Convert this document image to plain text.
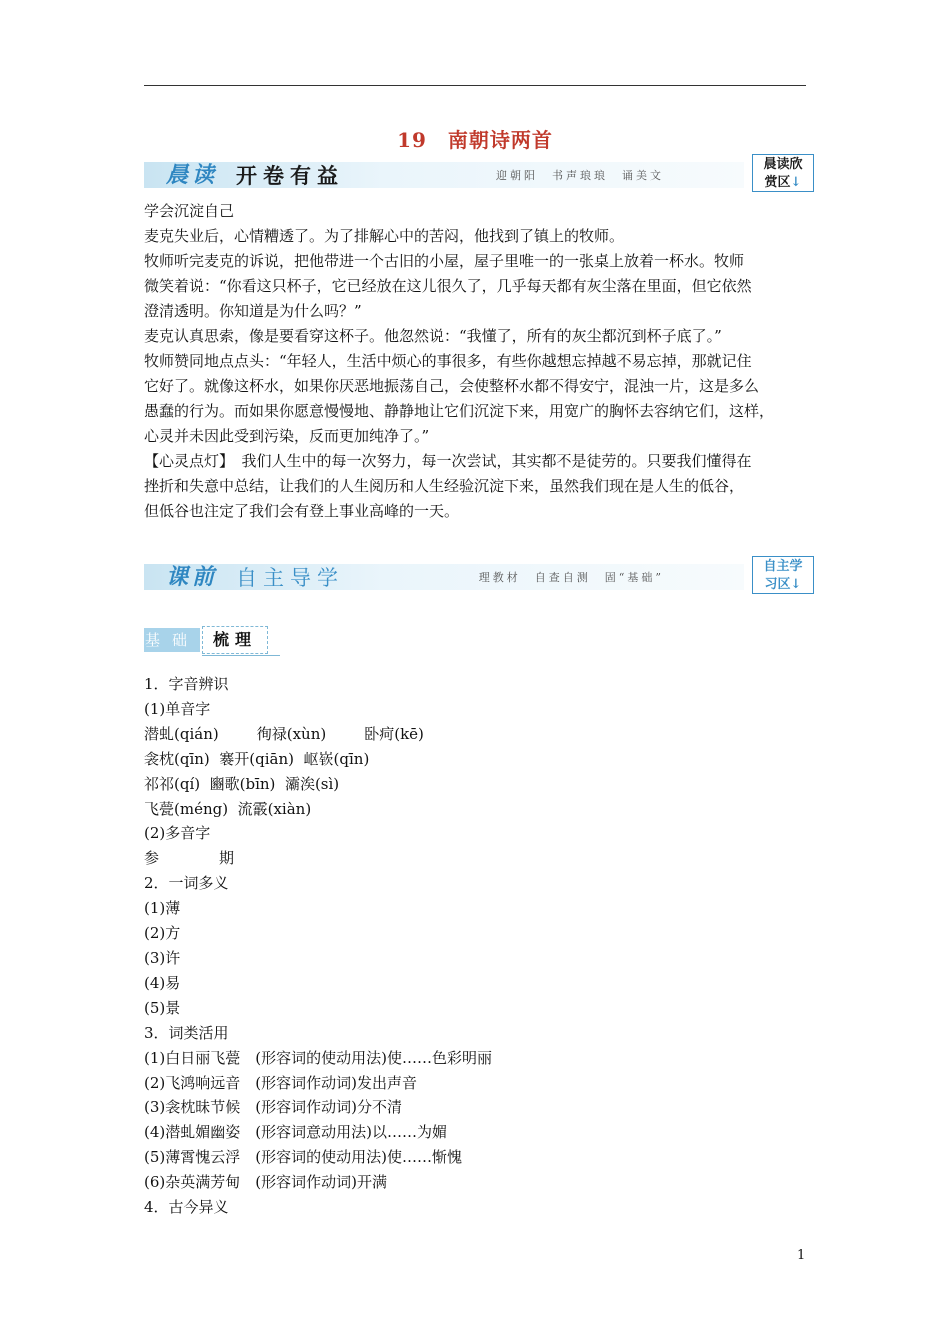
19　南朝诗两首
晨读 开卷有益	迎朝阳　书声琅琅　诵美文
晨读欣
赏区↓

学会沉淀自己

麦克失业后，心情糟透了。为了排解心中的苦闷，他找到了镇上的牧师。

牧师听完麦克的诉说，把他带进一个古旧的小屋，屋子里唯一的一张桌上放着一杯水。牧师

微笑着说：“你看这只杯子，它已经放在这儿很久了，几乎每天都有灰尘落在里面，但它依然

澄清透明。你知道是为什么吗？”

麦克认真思索，像是要看穿这杯子。他忽然说：“我懂了，所有的灰尘都沉到杯子底了。”

牧师赞同地点点头：“年轻人，生活中烦心的事很多，有些你越想忘掉越不易忘掉，那就记住

它好了。就像这杯水，如果你厌恶地振荡自己，会使整杯水都不得安宁，混浊一片，这是多么

愚蠢的行为。而如果你愿意慢慢地、静静地让它们沉淀下来，用宽广的胸怀去容纳它们，这样，

心灵并未因此受到污染，反而更加纯净了。”

【心灵点灯】　我们人生中的每一次努力，每一次尝试，其实都不是徒劳的。只要我们懂得在

挫折和失意中总结，让我们的人生阅历和人生经验沉淀下来，虽然我们现在是人生的低谷，

但低谷也注定了我们会有登上事业高峰的一天。

课前 自主导学	理教材　自查自测　固“基础”
自主学
习区↓
基础 梳理

1．字音辨识

(1)单音字

潜虬(qián)	徇禄(xùn)	卧疴(kē)

衾枕(qīn)  褰开(qiān)  岖嵚(qīn)

祁祁(qí)  豳歌(bīn)  灞涘(sì)

飞甍(méng)  流霰(xiàn)

(2)多音字

参	期

2．一词多义

(1)薄

(2)方

(3)许

(4)易

(5)景

3．词类活用

(1)白日丽飞甍　(形容词的使动用法)使……色彩明丽

(2)飞鸿响远音　(形容词作动词)发出声音

(3)衾枕昧节候　(形容词作动词)分不清

(4)潜虬媚幽姿　(形容词意动用法)以……为媚

(5)薄霄愧云浮　(形容词的使动用法)使……惭愧

(6)杂英满芳甸　(形容词作动词)开满

4．古今异义

1
